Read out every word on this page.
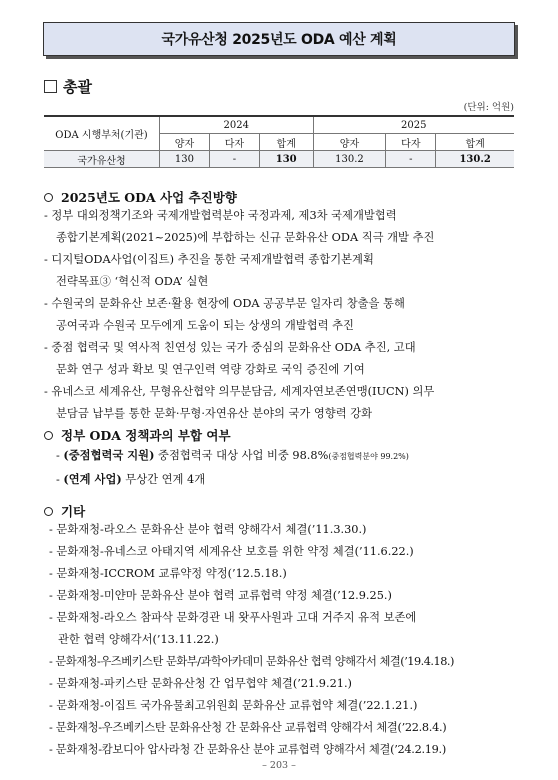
국가유산청 2025년도 ODA 예산 계획
총괄
(단위: 억원)
ODA 시행부처(기관)	2024			2025		
	양자	다자	합계	양자	다자	합계
국가유산청	130	-	130	130.2	-	130.2
2025년도 ODA 사업 추진방향
- 정부 대외정책기조와 국제개발협력분야 국정과제, 제3차 국제개발협력
종합기본계획(2021~2025)에 부합하는 신규 문화유산 ODA 직극 개발 추진
- 디지털ODA사업(이집트) 추진을 통한 국제개발협력 종합기본계획
전략목표③ ‘혁신적 ODA’ 실현
- 수원국의 문화유산 보존·활용 현장에 ODA 공공부문 일자리 창출을 통해
공여국과 수원국 모두에게 도움이 되는 상생의 개발협력 추진
- 중점 협력국 및 역사적 친연성 있는 국가 중심의 문화유산 ODA 추진, 고대
문화 연구 성과 확보 및 연구인력 역량 강화로 국익 증진에 기여
- 유네스코 세계유산, 무형유산협약 의무분담금, 세계자연보존연맹(IUCN) 의무
분담금 납부를 통한 문화·무형·자연유산 분야의 국가 영향력 강화
정부 ODA 정책과의 부합 여부
- (중점협력국 지원) 중점협력국 대상 사업 비중 98.8%(중점협력분야 99.2%)
- (연계 사업) 무상간 연계 4개
기타
- 문화재청-라오스 문화유산 분야 협력 양해각서 체결(’11.3.30.)
- 문화재청-유네스코 아태지역 세계유산 보호를 위한 약정 체결(’11.6.22.)
- 문화재청-ICCROM 교류약정 약정(’12.5.18.)
- 문화재청-미얀마 문화유산 분야 협력 교류협력 약정 체결(’12.9.25.)
- 문화재청-라오스 참파삭 문화경관 내 왓푸사원과 고대 거주지 유적 보존에
관한 협력 양해각서(’13.11.22.)
- 문화재청-우즈베키스탄 문화부/과학아카데미 문화유산 협력 양해각서 체결(’19.4.18.)
- 문화재청-파키스탄 문화유산청 간 업무협약 체결(’21.9.21.)
- 문화재청-이집트 국가유물최고위원회 문화유산 교류협약 체결(’22.1.21.)
- 문화재청-우즈베키스탄 문화유산청 간 문화유산 교류협력 양해각서 체결(’22.8.4.)
- 문화재청-캄보디아 압사라청 간 문화유산 분야 교류협력 양해각서 체결(’24.2.19.)
– 203 –
